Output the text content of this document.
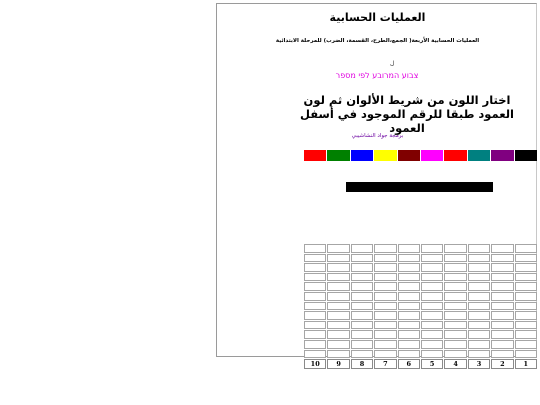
العمليات الحسابية
العمليات الحسابية الأربعة( الجمع،الطرح، القسمة، الضرب) للمرحلة الابتدائية
ل
צבוע המרובע לפי מספר
اختار اللون من شريط الألوان ثم لون العمود طبقا للرقم الموجود في أسفل العمود
برمجة جواد النشاشيبي
10	9	8	7	6	5	4	3	2	1
